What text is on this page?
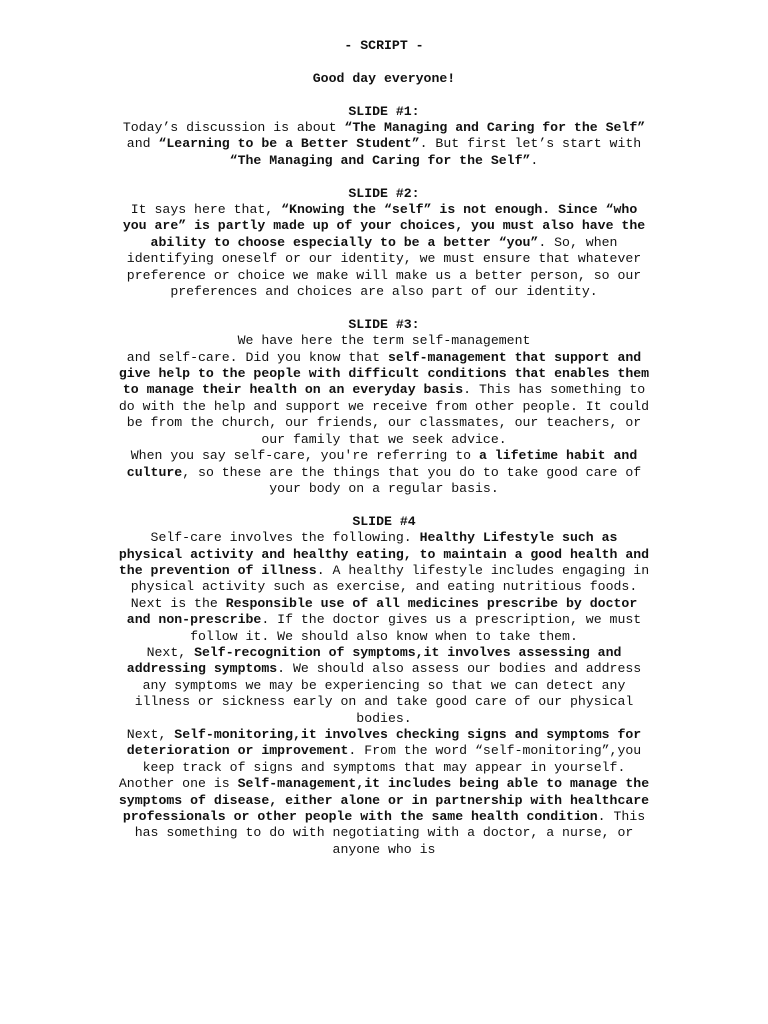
- SCRIPT -

Good day everyone!

SLIDE #1:

Today’s discussion is about “The Managing and Caring for the Self” and “Learning to be a Better Student”. But first let’s start with “The Managing and Caring for the Self”.

SLIDE #2:

It says here that, “Knowing the “self” is not enough. Since “who you are” is partly made up of your choices, you must also have the ability to choose especially to be a better “you”. So, when identifying oneself or our identity, we must ensure that whatever preference or choice we make will make us a better person, so our preferences and choices are also part of our identity.

SLIDE #3:

We have here the term self-management

and self-care. Did you know that self-management that support and give help to the people with difficult conditions that enables them to manage their health on an everyday basis. This has something to do with the help and support we receive from other people. It could be from the church, our friends, our classmates, our teachers, or our family that we seek advice.

When you say self-care, you're referring to a lifetime habit and culture, so these are the things that you do to take good care of your body on a regular basis.

SLIDE #4

Self-care involves the following. Healthy Lifestyle such as physical activity and healthy eating, to maintain a good health and the prevention of illness. A healthy lifestyle includes engaging in physical activity such as exercise, and eating nutritious foods.

Next is the Responsible use of all medicines prescribe by doctor and non-prescribe. If the doctor gives us a prescription, we must follow it. We should also know when to take them.

Next, Self-recognition of symptoms,it involves assessing and addressing symptoms. We should also assess our bodies and address any symptoms we may be experiencing so that we can detect any illness or sickness early on and take good care of our physical bodies.

Next, Self-monitoring,it involves checking signs and symptoms for deterioration or improvement. From the word “self-monitoring”,you keep track of signs and symptoms that may appear in yourself.

Another one is Self-management,it includes being able to manage the symptoms of disease, either alone or in partnership with healthcare professionals or other people with the same health condition. This has something to do with negotiating with a doctor, a nurse, or anyone who is
